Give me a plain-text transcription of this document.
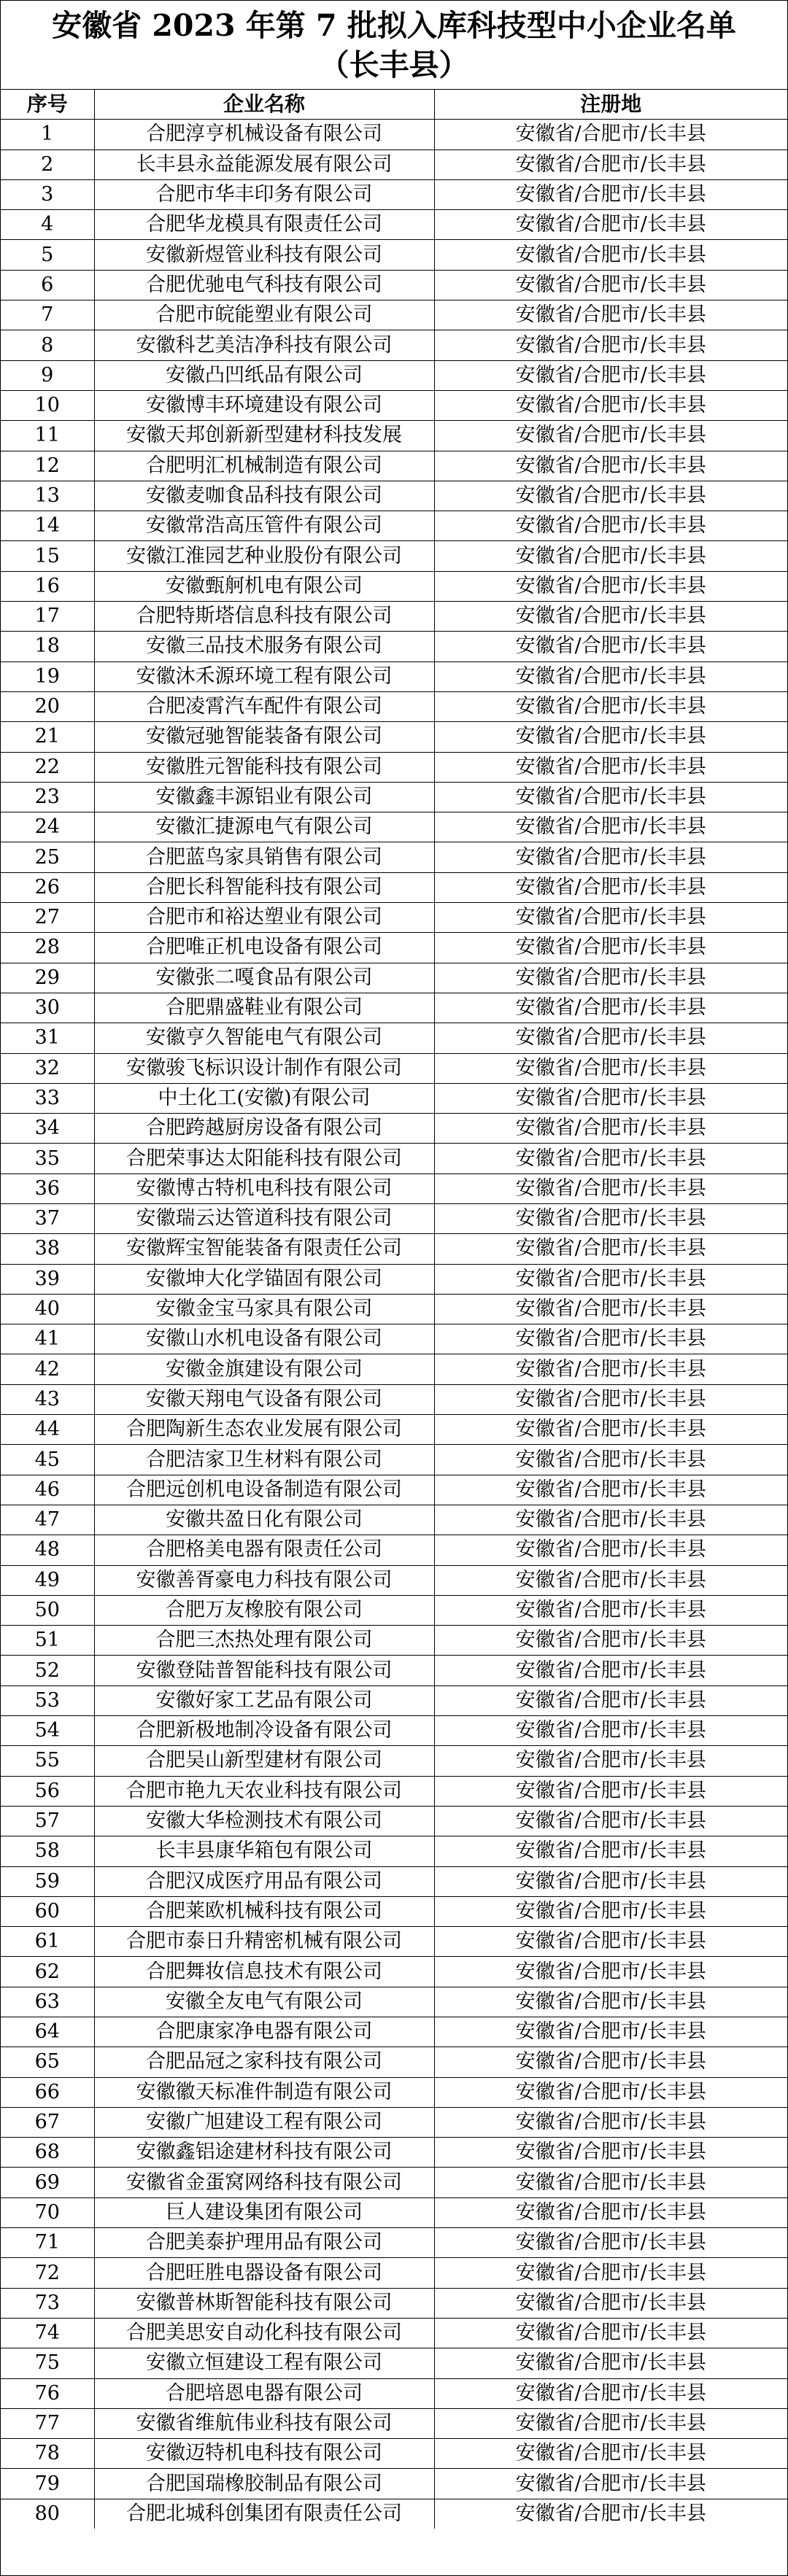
安徽省 2023 年第 7 批拟入库科技型中小企业名单
（长丰县）
序号	企业名称	注册地
1	合肥淳亨机械设备有限公司	安徽省/合肥市/长丰县
2	长丰县永益能源发展有限公司	安徽省/合肥市/长丰县
3	合肥市华丰印务有限公司	安徽省/合肥市/长丰县
4	合肥华龙模具有限责任公司	安徽省/合肥市/长丰县
5	安徽新煜管业科技有限公司	安徽省/合肥市/长丰县
6	合肥优驰电气科技有限公司	安徽省/合肥市/长丰县
7	合肥市皖能塑业有限公司	安徽省/合肥市/长丰县
8	安徽科艺美洁净科技有限公司	安徽省/合肥市/长丰县
9	安徽凸凹纸品有限公司	安徽省/合肥市/长丰县
10	安徽博丰环境建设有限公司	安徽省/合肥市/长丰县
11	安徽天邦创新新型建材科技发展	安徽省/合肥市/长丰县
12	合肥明汇机械制造有限公司	安徽省/合肥市/长丰县
13	安徽麦咖食品科技有限公司	安徽省/合肥市/长丰县
14	安徽常浩高压管件有限公司	安徽省/合肥市/长丰县
15	安徽江淮园艺种业股份有限公司	安徽省/合肥市/长丰县
16	安徽甄舸机电有限公司	安徽省/合肥市/长丰县
17	合肥特斯塔信息科技有限公司	安徽省/合肥市/长丰县
18	安徽三品技术服务有限公司	安徽省/合肥市/长丰县
19	安徽沐禾源环境工程有限公司	安徽省/合肥市/长丰县
20	合肥凌霄汽车配件有限公司	安徽省/合肥市/长丰县
21	安徽冠驰智能装备有限公司	安徽省/合肥市/长丰县
22	安徽胜元智能科技有限公司	安徽省/合肥市/长丰县
23	安徽鑫丰源铝业有限公司	安徽省/合肥市/长丰县
24	安徽汇捷源电气有限公司	安徽省/合肥市/长丰县
25	合肥蓝鸟家具销售有限公司	安徽省/合肥市/长丰县
26	合肥长科智能科技有限公司	安徽省/合肥市/长丰县
27	合肥市和裕达塑业有限公司	安徽省/合肥市/长丰县
28	合肥唯正机电设备有限公司	安徽省/合肥市/长丰县
29	安徽张二嘎食品有限公司	安徽省/合肥市/长丰县
30	合肥鼎盛鞋业有限公司	安徽省/合肥市/长丰县
31	安徽亨久智能电气有限公司	安徽省/合肥市/长丰县
32	安徽骏飞标识设计制作有限公司	安徽省/合肥市/长丰县
33	中土化工(安徽)有限公司	安徽省/合肥市/长丰县
34	合肥跨越厨房设备有限公司	安徽省/合肥市/长丰县
35	合肥荣事达太阳能科技有限公司	安徽省/合肥市/长丰县
36	安徽博古特机电科技有限公司	安徽省/合肥市/长丰县
37	安徽瑞云达管道科技有限公司	安徽省/合肥市/长丰县
38	安徽辉宝智能装备有限责任公司	安徽省/合肥市/长丰县
39	安徽坤大化学锚固有限公司	安徽省/合肥市/长丰县
40	安徽金宝马家具有限公司	安徽省/合肥市/长丰县
41	安徽山水机电设备有限公司	安徽省/合肥市/长丰县
42	安徽金旗建设有限公司	安徽省/合肥市/长丰县
43	安徽天翔电气设备有限公司	安徽省/合肥市/长丰县
44	合肥陶新生态农业发展有限公司	安徽省/合肥市/长丰县
45	合肥洁家卫生材料有限公司	安徽省/合肥市/长丰县
46	合肥远创机电设备制造有限公司	安徽省/合肥市/长丰县
47	安徽共盈日化有限公司	安徽省/合肥市/长丰县
48	合肥格美电器有限责任公司	安徽省/合肥市/长丰县
49	安徽善胥豪电力科技有限公司	安徽省/合肥市/长丰县
50	合肥万友橡胶有限公司	安徽省/合肥市/长丰县
51	合肥三杰热处理有限公司	安徽省/合肥市/长丰县
52	安徽登陆普智能科技有限公司	安徽省/合肥市/长丰县
53	安徽好家工艺品有限公司	安徽省/合肥市/长丰县
54	合肥新极地制冷设备有限公司	安徽省/合肥市/长丰县
55	合肥吴山新型建材有限公司	安徽省/合肥市/长丰县
56	合肥市艳九天农业科技有限公司	安徽省/合肥市/长丰县
57	安徽大华检测技术有限公司	安徽省/合肥市/长丰县
58	长丰县康华箱包有限公司	安徽省/合肥市/长丰县
59	合肥汉成医疗用品有限公司	安徽省/合肥市/长丰县
60	合肥莱欧机械科技有限公司	安徽省/合肥市/长丰县
61	合肥市泰日升精密机械有限公司	安徽省/合肥市/长丰县
62	合肥舞妆信息技术有限公司	安徽省/合肥市/长丰县
63	安徽全友电气有限公司	安徽省/合肥市/长丰县
64	合肥康家净电器有限公司	安徽省/合肥市/长丰县
65	合肥品冠之家科技有限公司	安徽省/合肥市/长丰县
66	安徽徽天标准件制造有限公司	安徽省/合肥市/长丰县
67	安徽广旭建设工程有限公司	安徽省/合肥市/长丰县
68	安徽鑫铝途建材科技有限公司	安徽省/合肥市/长丰县
69	安徽省金蛋窝网络科技有限公司	安徽省/合肥市/长丰县
70	巨人建设集团有限公司	安徽省/合肥市/长丰县
71	合肥美泰护理用品有限公司	安徽省/合肥市/长丰县
72	合肥旺胜电器设备有限公司	安徽省/合肥市/长丰县
73	安徽普林斯智能科技有限公司	安徽省/合肥市/长丰县
74	合肥美思安自动化科技有限公司	安徽省/合肥市/长丰县
75	安徽立恒建设工程有限公司	安徽省/合肥市/长丰县
76	合肥培恩电器有限公司	安徽省/合肥市/长丰县
77	安徽省维航伟业科技有限公司	安徽省/合肥市/长丰县
78	安徽迈特机电科技有限公司	安徽省/合肥市/长丰县
79	合肥国瑞橡胶制品有限公司	安徽省/合肥市/长丰县
80	合肥北城科创集团有限责任公司	安徽省/合肥市/长丰县
